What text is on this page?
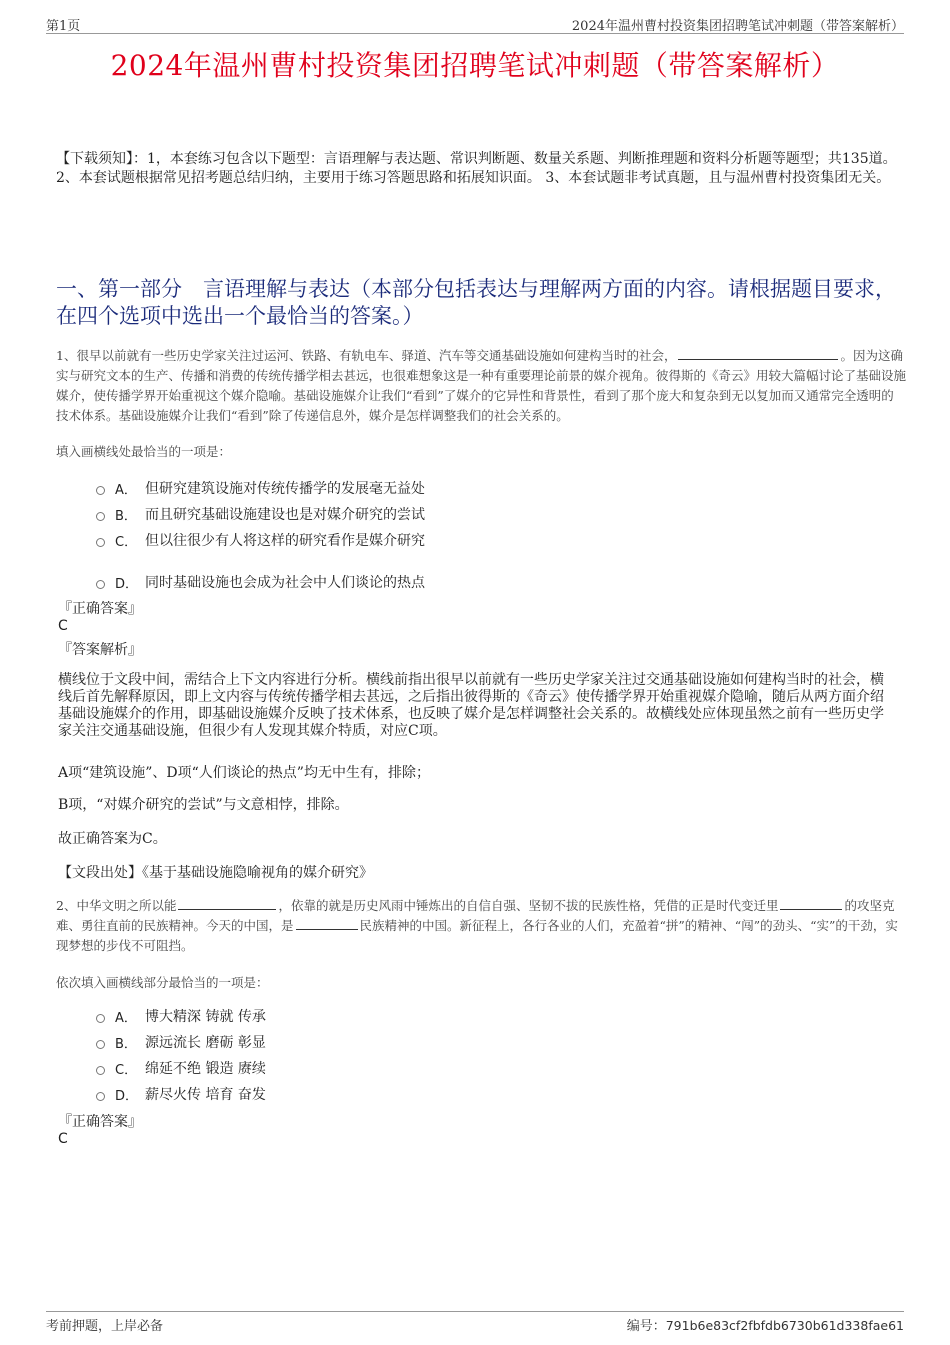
第1页	2024年温州曹村投资集团招聘笔试冲刺题（带答案解析）
2024年温州曹村投资集团招聘笔试冲刺题（带答案解析）
【下载须知】：1，本套练习包含以下题型：言语理解与表达题、常识判断题、数量关系题、判断推理题和资料分析题等题型；共135道。 2、本套试题根据常见招考题总结归纳，主要用于练习答题思路和拓展知识面。 3、本套试题非考试真题，且与温州曹村投资集团无关。
一、第一部分　言语理解与表达（本部分包括表达与理解两方面的内容。请根据题目要求，在四个选项中选出一个最恰当的答案。）
1、很早以前就有一些历史学家关注过运河、铁路、有轨电车、驿道、汽车等交通基础设施如何建构当时的社会，	。因为这确实与研究文本的生产、传播和消费的传统传播学相去甚远，也很难想象这是一种有重要理论前景的媒介视角。彼得斯的《奇云》用较大篇幅讨论了基础设施媒介，使传播学界开始重视这个媒介隐喻。基础设施媒介让我们“看到”了媒介的它异性和背景性，看到了那个庞大和复杂到无以复加而又通常完全透明的技术体系。基础设施媒介让我们“看到”除了传递信息外，媒介是怎样调整我们的社会关系的。
填入画横线处最恰当的一项是：
A． 但研究建筑设施对传统传播学的发展毫无益处
B． 而且研究基础设施建设也是对媒介研究的尝试
C． 但以往很少有人将这样的研究看作是媒介研究
D． 同时基础设施也会成为社会中人们谈论的热点
『正确答案』
C
『答案解析』
横线位于文段中间，需结合上下文内容进行分析。横线前指出很早以前就有一些历史学家关注过交通基础设施如何建构当时的社会，横线后首先解释原因，即上文内容与传统传播学相去甚远，之后指出彼得斯的《奇云》使传播学界开始重视媒介隐喻，随后从两方面介绍基础设施媒介的作用，即基础设施媒介反映了技术体系，也反映了媒介是怎样调整社会关系的。故横线处应体现虽然之前有一些历史学家关注交通基础设施，但很少有人发现其媒介特质，对应C项。
A项“建筑设施”、D项“人们谈论的热点”均无中生有，排除；
B项，“对媒介研究的尝试”与文意相悖，排除。
故正确答案为C。
【文段出处】《基于基础设施隐喻视角的媒介研究》
2、中华文明之所以能	，依靠的就是历史风雨中锤炼出的自信自强、坚韧不拔的民族性格，凭借的正是时代变迁里	的攻坚克难、勇往直前的民族精神。今天的中国，是	民族精神的中国。新征程上，各行各业的人们，充盈着“拼”的精神、“闯”的劲头、“实”的干劲，实现梦想的步伐不可阻挡。
依次填入画横线部分最恰当的一项是：
A． 博大精深 铸就 传承
B． 源远流长 磨砺 彰显
C． 绵延不绝 锻造 赓续
D． 薪尽火传 培育 奋发
『正确答案』
C
考前押题，上岸必备	编号：791b6e83cf2fbfdb6730b61d338fae61
